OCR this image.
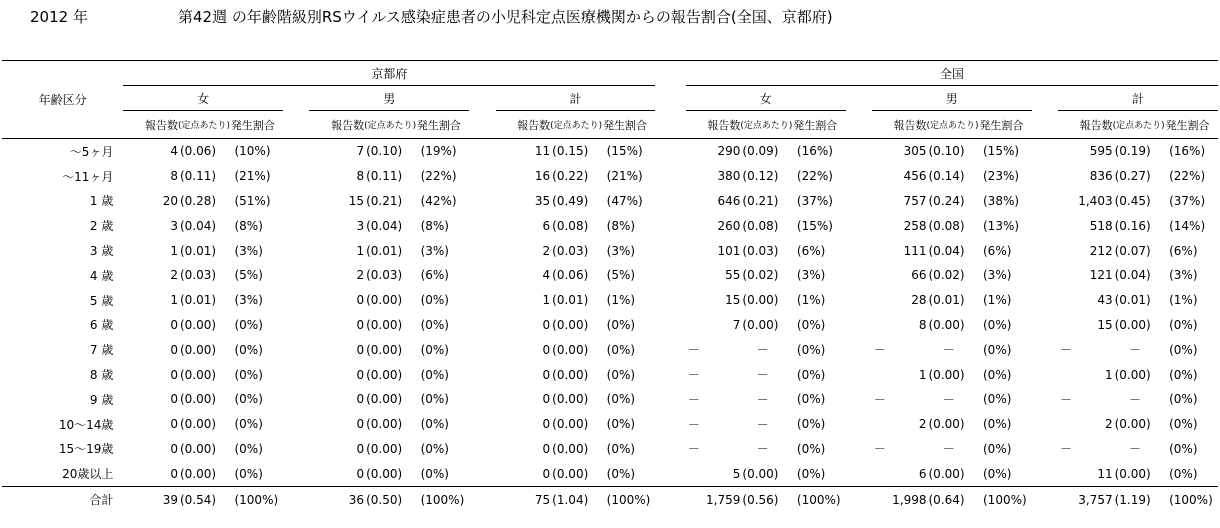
2012 年	第42週 の年齢階級別RSウイルス感染症患者の小児科定点医療機関からの報告割合(全国、京都府)
年齢区分	京都府												全国										
	女				男				計				女				男				計		
	報告数	(定点あたり)	発生割合		報告数	(定点あたり)	発生割合		報告数	(定点あたり)	発生割合		報告数	(定点あたり)	発生割合		報告数	(定点あたり)	発生割合		報告数	(定点あたり)	発生割合
～5ヶ月	4	(0.06)	(10%)		7	(0.10)	(19%)		11	(0.15)	(15%)		290	(0.09)	(16%)		305	(0.10)	(15%)		595	(0.19)	(16%)
～11ヶ月	8	(0.11)	(21%)		8	(0.11)	(22%)		16	(0.22)	(21%)		380	(0.12)	(22%)		456	(0.14)	(23%)		836	(0.27)	(22%)
1 歳	20	(0.28)	(51%)		15	(0.21)	(42%)		35	(0.49)	(47%)		646	(0.21)	(37%)		757	(0.24)	(38%)		1,403	(0.45)	(37%)
2 歳	3	(0.04)	(8%)		3	(0.04)	(8%)		6	(0.08)	(8%)		260	(0.08)	(15%)		258	(0.08)	(13%)		518	(0.16)	(14%)
3 歳	1	(0.01)	(3%)		1	(0.01)	(3%)		2	(0.03)	(3%)		101	(0.03)	(6%)		111	(0.04)	(6%)		212	(0.07)	(6%)
4 歳	2	(0.03)	(5%)		2	(0.03)	(6%)		4	(0.06)	(5%)		55	(0.02)	(3%)		66	(0.02)	(3%)		121	(0.04)	(3%)
5 歳	1	(0.01)	(3%)		0	(0.00)	(0%)		1	(0.01)	(1%)		15	(0.00)	(1%)		28	(0.01)	(1%)		43	(0.01)	(1%)
6 歳	0	(0.00)	(0%)		0	(0.00)	(0%)		0	(0.00)	(0%)		7	(0.00)	(0%)		8	(0.00)	(0%)		15	(0.00)	(0%)
7 歳	0	(0.00)	(0%)		0	(0.00)	(0%)		0	(0.00)	(0%)		－	－	(0%)		－	－	(0%)		－	－	(0%)
8 歳	0	(0.00)	(0%)		0	(0.00)	(0%)		0	(0.00)	(0%)		－	－	(0%)		1	(0.00)	(0%)		1	(0.00)	(0%)
9 歳	0	(0.00)	(0%)		0	(0.00)	(0%)		0	(0.00)	(0%)		－	－	(0%)		－	－	(0%)		－	－	(0%)
10～14歳	0	(0.00)	(0%)		0	(0.00)	(0%)		0	(0.00)	(0%)		－	－	(0%)		2	(0.00)	(0%)		2	(0.00)	(0%)
15～19歳	0	(0.00)	(0%)		0	(0.00)	(0%)		0	(0.00)	(0%)		－	－	(0%)		－	－	(0%)		－	－	(0%)
20歳以上	0	(0.00)	(0%)		0	(0.00)	(0%)		0	(0.00)	(0%)		5	(0.00)	(0%)		6	(0.00)	(0%)		11	(0.00)	(0%)
合計	39	(0.54)	(100%)		36	(0.50)	(100%)		75	(1.04)	(100%)		1,759	(0.56)	(100%)		1,998	(0.64)	(100%)		3,757	(1.19)	(100%)
